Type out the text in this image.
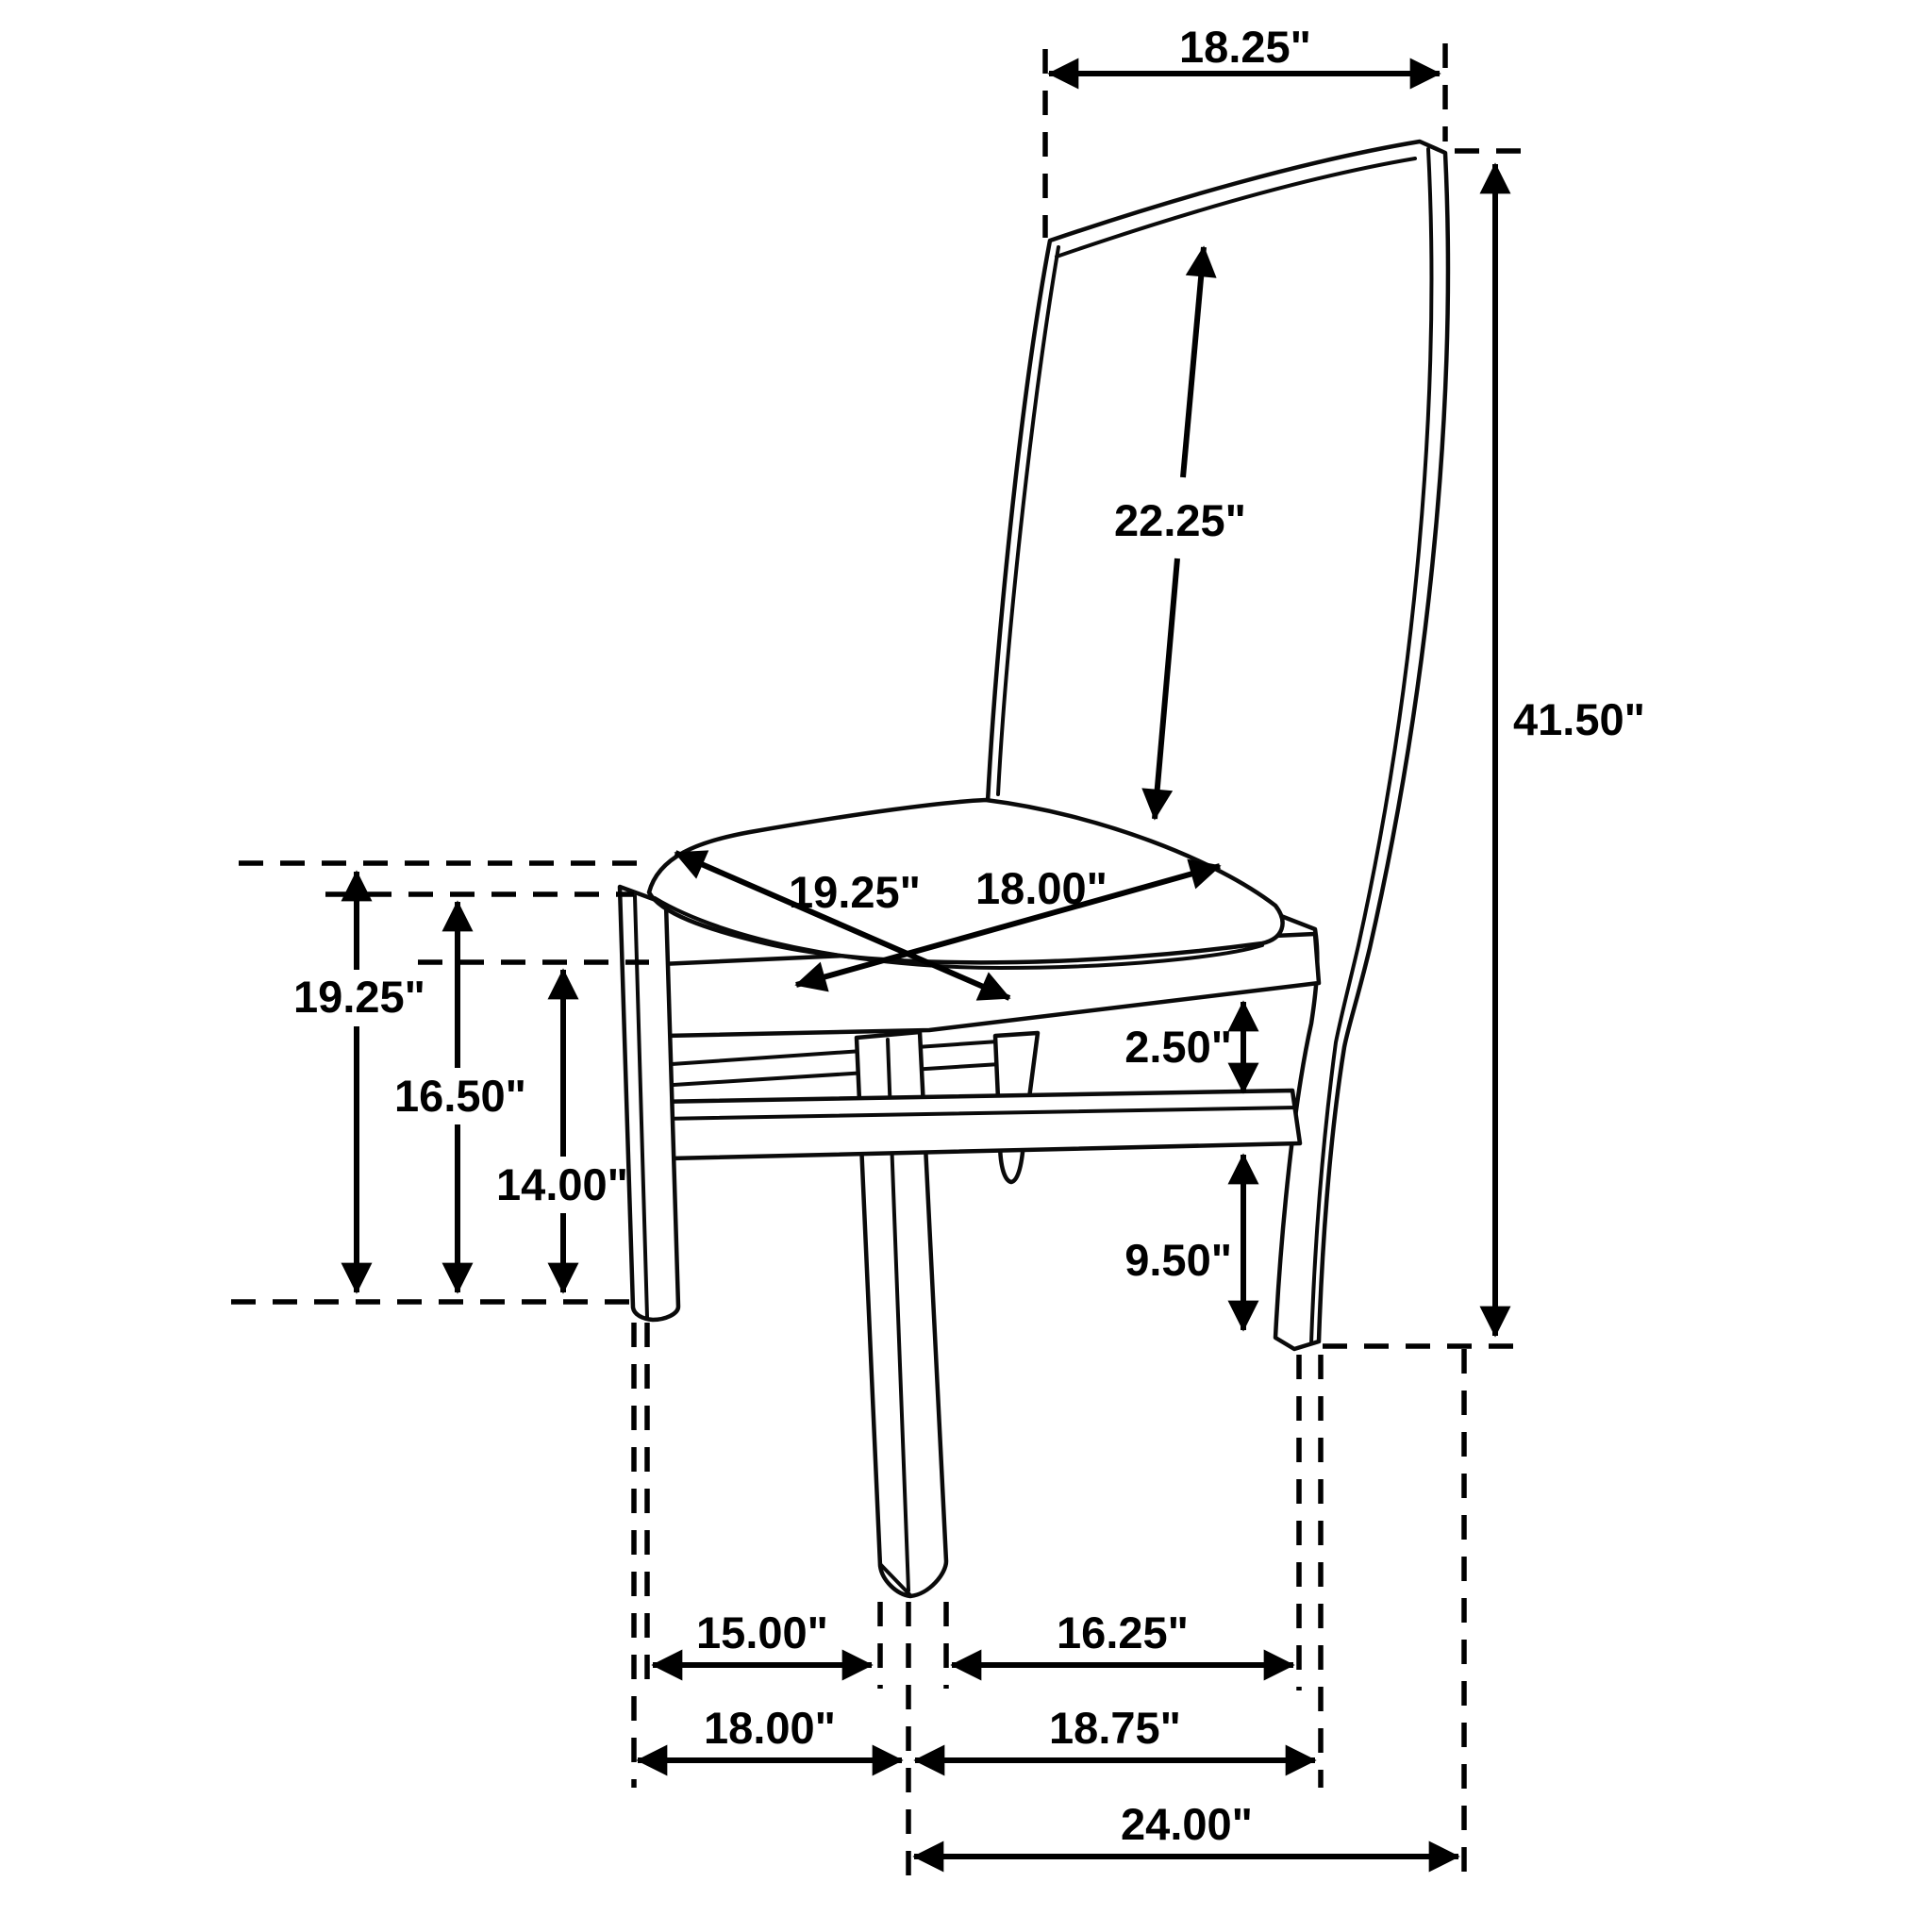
18.25"
22.25"
41.50"
19.25"
16.50"
14.00"
19.25" 18.00"
2.50"
9.50"
15.00"	16.25"
18.00"	18.75"
24.00"
